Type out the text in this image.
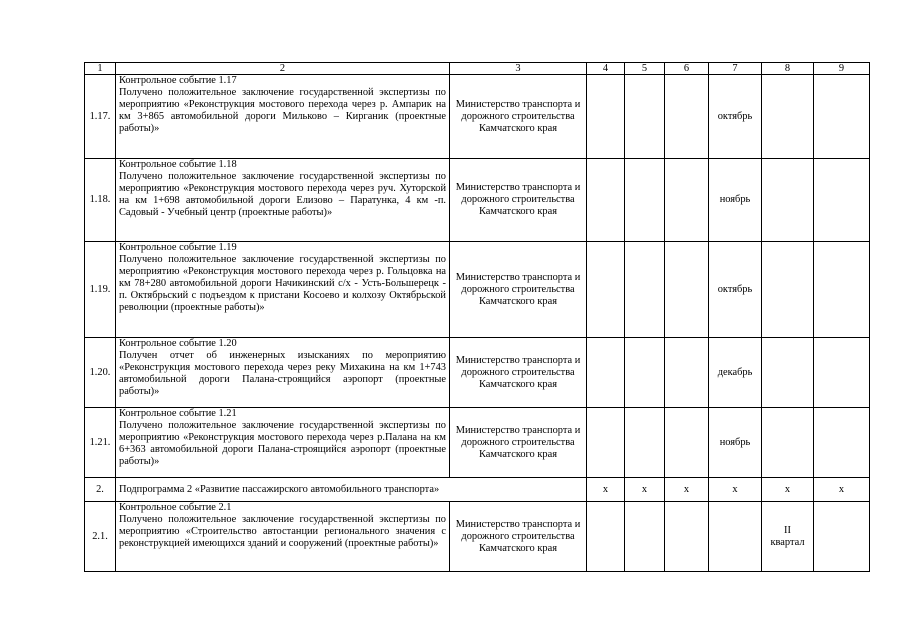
1	2	3	4	5	6	7	8	9
1.17.	Контрольное событие 1.17
Получено положительное заключение государственной экспертизы по мероприятию «Реконструкция мостового перехода через р. Ампарик на км 3+865 автомобильной дороги Мильково – Кирганик (проектные работы)»	Министерство транспорта и дорожного строительства Камчатского края				октябрь		
1.18.	Контрольное событие 1.18
Получено положительное заключение государственной экспертизы по мероприятию «Реконструкция мостового перехода через руч. Хуторской на км 1+698 автомобильной дороги Елизово – Паратунка, 4 км -п. Садовый - Учебный центр (проектные работы)»	Министерство транспорта и дорожного строительства Камчатского края				ноябрь		
1.19.	Контрольное событие 1.19
Получено положительное заключение государственной экспертизы по мероприятию «Реконструкция мостового перехода через р. Гольцовка на км 78+280 автомобильной дороги Начикинский с/х - Усть-Большерецк - п. Октябрьский с подъездом к пристани Косоево и колхозу Октябрьской революции (проектные работы)»	Министерство транспорта и дорожного строительства Камчатского края				октябрь		
1.20.	Контрольное событие 1.20
Получен отчет об инженерных изысканиях по мероприятию «Реконструкция мостового перехода через реку Михакина на км 1+743 автомобильной дороги Палана-строящийся аэропорт (проектные работы)»	Министерство транспорта и дорожного строительства Камчатского края				декабрь		
1.21.	Контрольное событие 1.21
Получено положительное заключение государственной экспертизы по мероприятию «Реконструкция мостового перехода через р.Палана на км 6+363 автомобильной дороги Палана-строящийся аэропорт (проектные работы)»	Министерство транспорта и дорожного строительства Камчатского края				ноябрь		
2.	Подпрограмма 2 «Развитие пассажирского автомобильного транспорта»		x	x	x	x	x	x
2.1.	Контрольное событие 2.1
Получено положительное заключение государственной экспертизы по мероприятию «Строительство автостанции регионального значения с реконструкцией имеющихся зданий и сооружений (проектные работы)»	Министерство транспорта и дорожного строительства Камчатского края					II
квартал	
